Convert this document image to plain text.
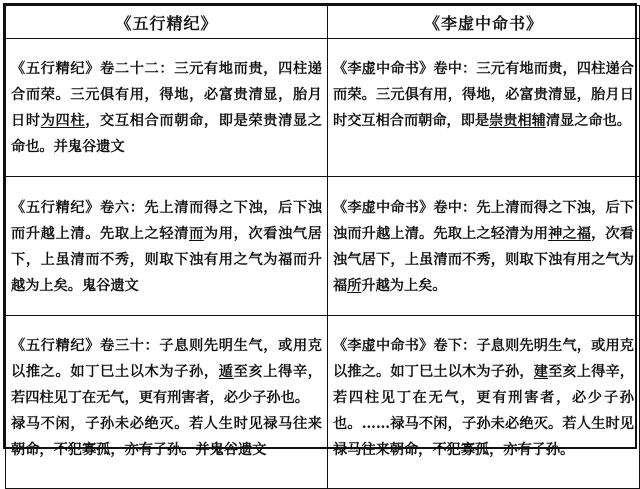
《五行精纪》	《李虚中命书》

《五行精纪》卷二十二：三元有地而贵，四柱递合而荣。三元俱有用，得地，必富贵清显，胎月日时为四柱，交互相合而朝命，即是荣贵清显之命也。并鬼谷遗文	《李虚中命书》卷中：三元有地而贵，四柱递合而荣。三元俱有用，得地，必富贵清显，胎月日时交互相合而朝命，即是崇贵相辅清显之命也。

《五行精纪》卷六：先上清而得之下浊，后下浊而升越上清。先取上之轻清而为用，次看浊气居下，上虽清而不秀，则取下浊有用之气为福而升越为上矣。鬼谷遗文	《李虚中命书》卷中：先上清而得之下浊，后下浊而升越上清。先取上之轻清为用神之福，次看浊气居下，上虽清而不秀，则取下浊有用之气为福所升越为上矣。

《五行精纪》卷三十：子息则先明生气，或用克以推之。如丁巳土以木为子孙，遁至亥上得辛，若四柱见丁在无气，更有刑害者，必少子孙也。
禄马不闲，子孙未必绝灭。若人生时见禄马往来朝命，不犯寡孤，亦有子孙。并鬼谷遗文	《李虚中命书》卷下：子息则先明生气，或用克以推之。如丁巳土以木为子孙，建至亥上得辛，若四柱见丁在无气，更有刑害者，必少子孙也。……禄马不闲，子孙未必绝灭。若人生时见禄马往来朝命，不犯寡孤，亦有子孙。
